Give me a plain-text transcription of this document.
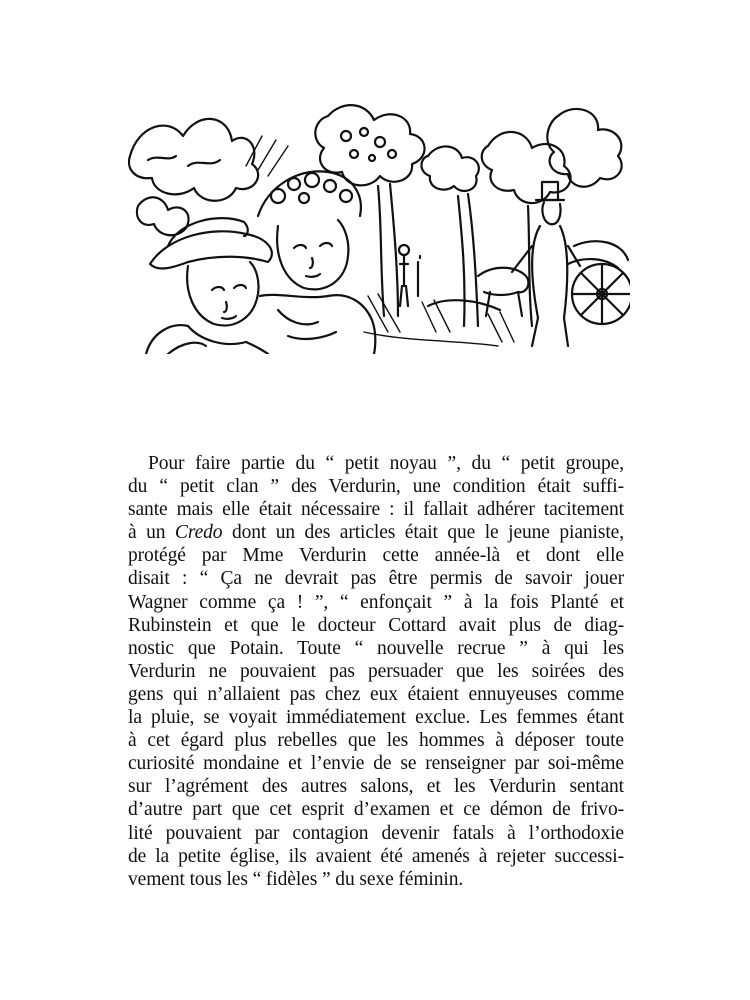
Pour faire partie du “ petit noyau ”, du “ petit groupe,
du “ petit clan ” des Verdurin, une condition était suffi-
sante mais elle était nécessaire : il fallait adhérer tacitement
à un Credo dont un des articles était que le jeune pianiste,
protégé par Mme Verdurin cette année-là et dont elle
disait : “ Ça ne devrait pas être permis de savoir jouer
Wagner comme ça ! ”, “ enfonçait ” à la fois Planté et
Rubinstein et que le docteur Cottard avait plus de diag-
nostic que Potain. Toute “ nouvelle recrue ” à qui les
Verdurin ne pouvaient pas persuader que les soirées des
gens qui n’allaient pas chez eux étaient ennuyeuses comme
la pluie, se voyait immédiatement exclue. Les femmes étant
à cet égard plus rebelles que les hommes à déposer toute
curiosité mondaine et l’envie de se renseigner par soi-même
sur l’agrément des autres salons, et les Verdurin sentant
d’autre part que cet esprit d’examen et ce démon de frivo-
lité pouvaient par contagion devenir fatals à l’orthodoxie
de la petite église, ils avaient été amenés à rejeter successi-
vement tous les “ fidèles ” du sexe féminin.
